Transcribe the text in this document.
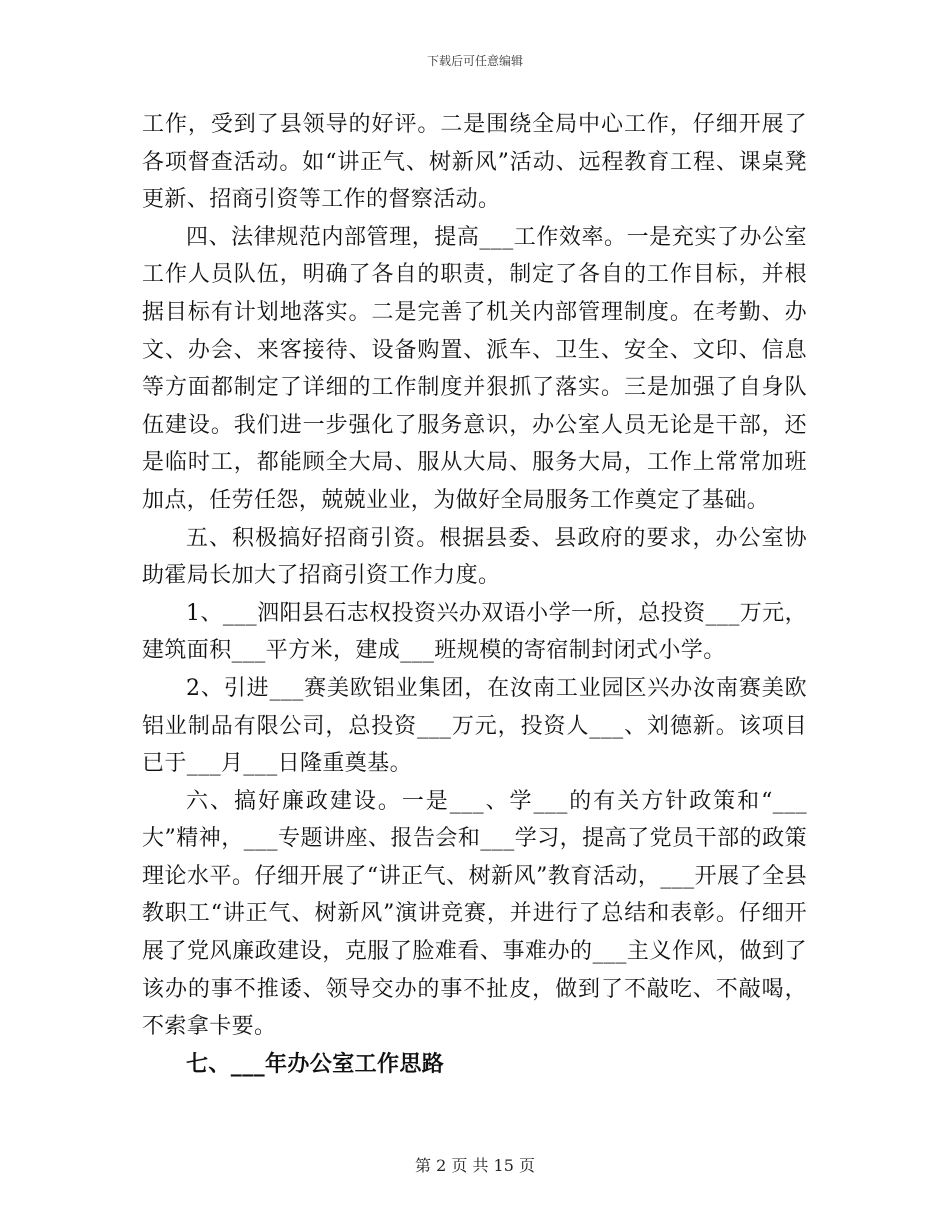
下载后可任意编辑

工作，受到了县领导的好评。二是围绕全局中心工作，仔细开展了各项督查活动。如“讲正气、树新风”活动、远程教育工程、课桌凳更新、招商引资等工作的督察活动。

四、法律规范内部管理，提高___工作效率。一是充实了办公室工作人员队伍，明确了各自的职责，制定了各自的工作目标，并根据目标有计划地落实。二是完善了机关内部管理制度。在考勤、办文、办会、来客接待、设备购置、派车、卫生、安全、文印、信息等方面都制定了详细的工作制度并狠抓了落实。三是加强了自身队伍建设。我们进一步强化了服务意识，办公室人员无论是干部，还是临时工，都能顾全大局、服从大局、服务大局，工作上常常加班加点，任劳任怨，兢兢业业，为做好全局服务工作奠定了基础。

五、积极搞好招商引资。根据县委、县政府的要求，办公室协助霍局长加大了招商引资工作力度。

1、___泗阳县石志权投资兴办双语小学一所，总投资___万元，建筑面积___平方米，建成___班规模的寄宿制封闭式小学。

2、引进___赛美欧铝业集团，在汝南工业园区兴办汝南赛美欧铝业制品有限公司，总投资___万元，投资人___、刘德新。该项目已于___月___日隆重奠基。

六、搞好廉政建设。一是___、学___的有关方针政策和“___大”精神，___专题讲座、报告会和___学习，提高了党员干部的政策理论水平。仔细开展了“讲正气、树新风”教育活动，___开展了全县教职工“讲正气、树新风”演讲竞赛，并进行了总结和表彰。仔细开展了党风廉政建设，克服了脸难看、事难办的___主义作风，做到了该办的事不推诿、领导交办的事不扯皮，做到了不敲吃、不敲喝，不索拿卡要。

七、___年办公室工作思路

第 2 页 共 15 页
